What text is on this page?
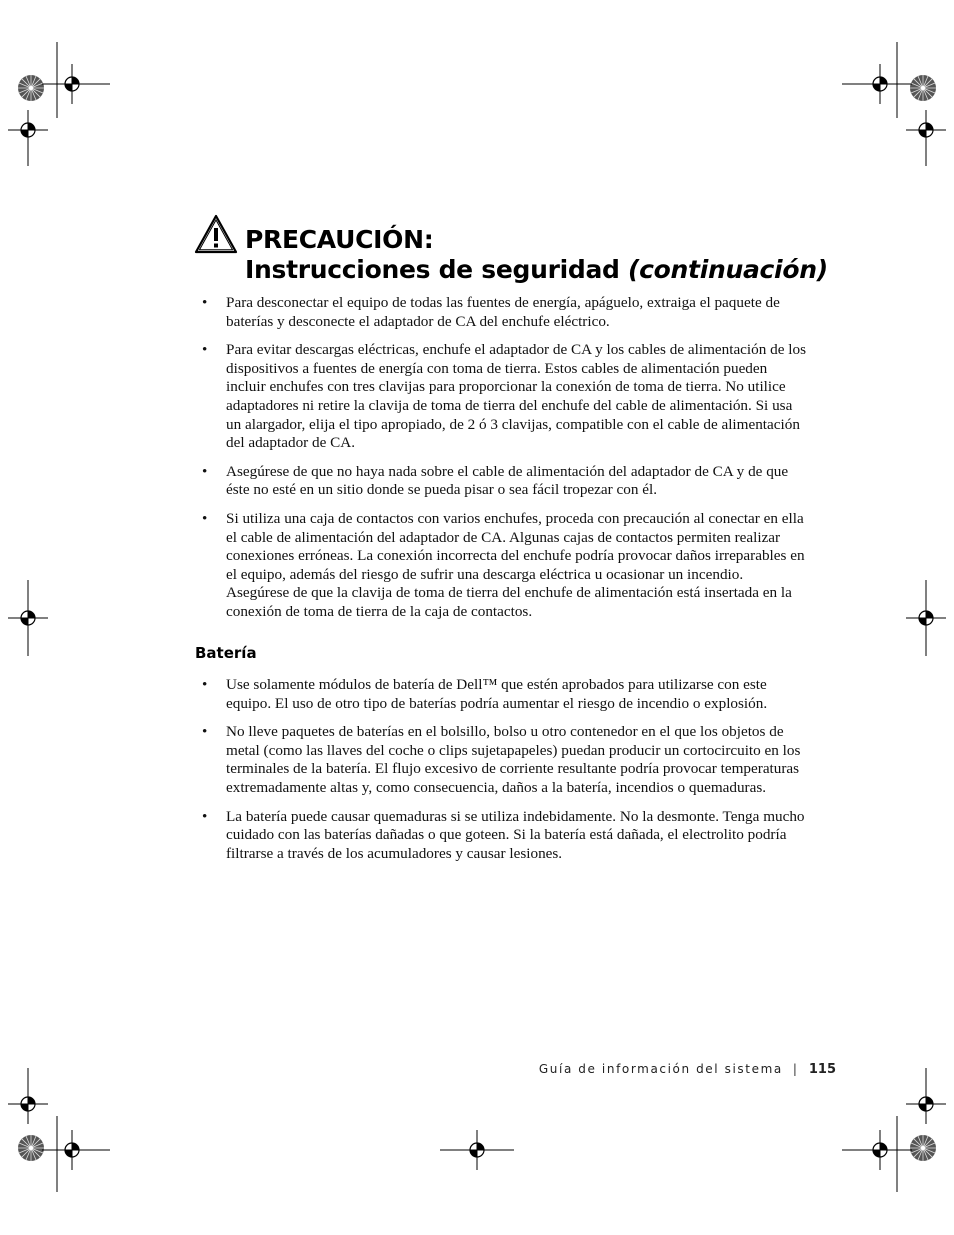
PRECAUCIÓN:
Instrucciones de seguridad (continuación)
• Para desconectar el equipo de todas las fuentes de energía, apáguelo, extraiga el paquete de baterías y desconecte el adaptador de CA del enchufe eléctrico.
• Para evitar descargas eléctricas, enchufe el adaptador de CA y los cables de alimentación de los dispositivos a fuentes de energía con toma de tierra. Estos cables de alimentación pueden incluir enchufes con tres clavijas para proporcionar la conexión de toma de tierra. No utilice adaptadores ni retire la clavija de toma de tierra del enchufe del cable de alimentación. Si usa un alargador, elija el tipo apropiado, de 2 ó 3 clavijas, compatible con el cable de alimentación del adaptador de CA.
• Asegúrese de que no haya nada sobre el cable de alimentación del adaptador de CA y de que éste no esté en un sitio donde se pueda pisar o sea fácil tropezar con él.
• Si utiliza una caja de contactos con varios enchufes, proceda con precaución al conectar en ella el cable de alimentación del adaptador de CA. Algunas cajas de contactos permiten realizar conexiones erróneas. La conexión incorrecta del enchufe podría provocar daños irreparables en el equipo, además del riesgo de sufrir una descarga eléctrica u ocasionar un incendio. Asegúrese de que la clavija de toma de tierra del enchufe de alimentación está insertada en la conexión de toma de tierra de la caja de contactos.
Batería
• Use solamente módulos de batería de Dell™ que estén aprobados para utilizarse con este equipo. El uso de otro tipo de baterías podría aumentar el riesgo de incendio o explosión.
• No lleve paquetes de baterías en el bolsillo, bolso u otro contenedor en el que los objetos de metal (como las llaves del coche o clips sujetapapeles) puedan producir un cortocircuito en los terminales de la batería. El flujo excesivo de corriente resultante podría provocar temperaturas extremadamente altas y, como consecuencia, daños a la batería, incendios o quemaduras.
• La batería puede causar quemaduras si se utiliza indebidamente. No la desmonte. Tenga mucho cuidado con las baterías dañadas o que goteen. Si la batería está dañada, el electrolito podría filtrarse a través de los acumuladores y causar lesiones.
Guía de información del sistema | 115
